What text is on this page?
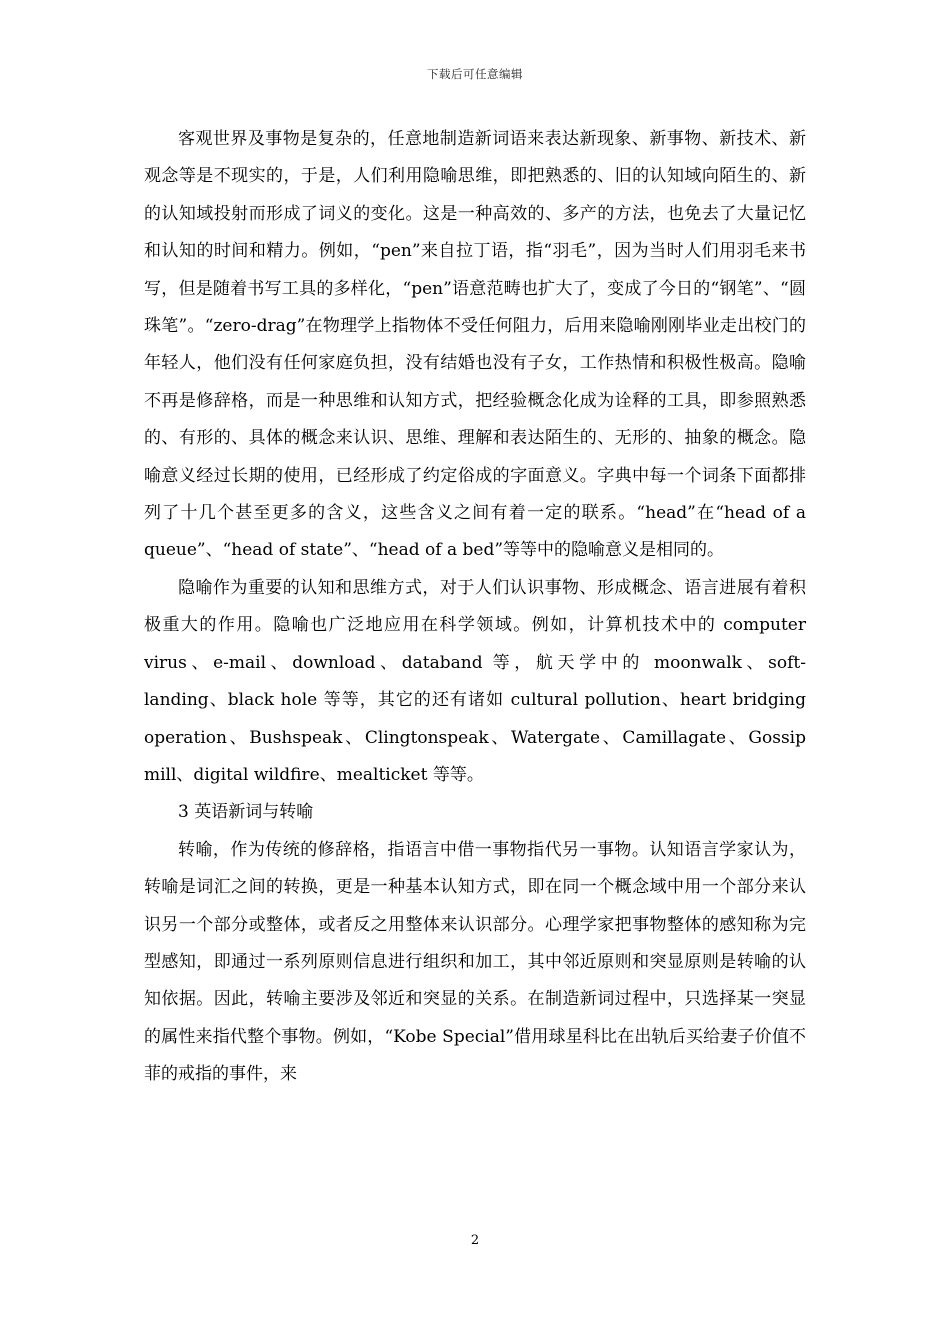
下载后可任意编辑

客观世界及事物是复杂的，任意地制造新词语来表达新现象、新事物、新技术、新观念等是不现实的，于是，人们利用隐喻思维，即把熟悉的、旧的认知域向陌生的、新的认知域投射而形成了词义的变化。这是一种高效的、多产的方法，也免去了大量记忆和认知的时间和精力。例如，“pen”来自拉丁语，指“羽毛”，因为当时人们用羽毛来书写，但是随着书写工具的多样化，“pen”语意范畴也扩大了，变成了今日的“钢笔”、“圆珠笔”。“zero-drag”在物理学上指物体不受任何阻力，后用来隐喻刚刚毕业走出校门的年轻人，他们没有任何家庭负担，没有结婚也没有子女，工作热情和积极性极高。隐喻不再是修辞格，而是一种思维和认知方式，把经验概念化成为诠释的工具，即参照熟悉的、有形的、具体的概念来认识、思维、理解和表达陌生的、无形的、抽象的概念。隐喻意义经过长期的使用，已经形成了约定俗成的字面意义。字典中每一个词条下面都排列了十几个甚至更多的含义，这些含义之间有着一定的联系。“head”在“head of a queue”、“head of state”、“head of a bed”等等中的隐喻意义是相同的。

隐喻作为重要的认知和思维方式，对于人们认识事物、形成概念、语言进展有着积极重大的作用。隐喻也广泛地应用在科学领域。例如，计算机技术中的 computer virus、e-mail、download、databand 等，航天学中的 moonwalk、soft-landing、black hole 等等，其它的还有诸如 cultural pollution、heart bridging operation、Bushspeak、Clingtonspeak、Watergate、Camillagate、Gossip mill、digital wildfire、mealticket 等等。

3 英语新词与转喻

转喻，作为传统的修辞格，指语言中借一事物指代另一事物。认知语言学家认为，转喻是词汇之间的转换，更是一种基本认知方式，即在同一个概念域中用一个部分来认识另一个部分或整体，或者反之用整体来认识部分。心理学家把事物整体的感知称为完型感知，即通过一系列原则信息进行组织和加工，其中邻近原则和突显原则是转喻的认知依据。因此，转喻主要涉及邻近和突显的关系。在制造新词过程中，只选择某一突显的属性来指代整个事物。例如，“Kobe Special”借用球星科比在出轨后买给妻子价值不菲的戒指的事件，来

2
